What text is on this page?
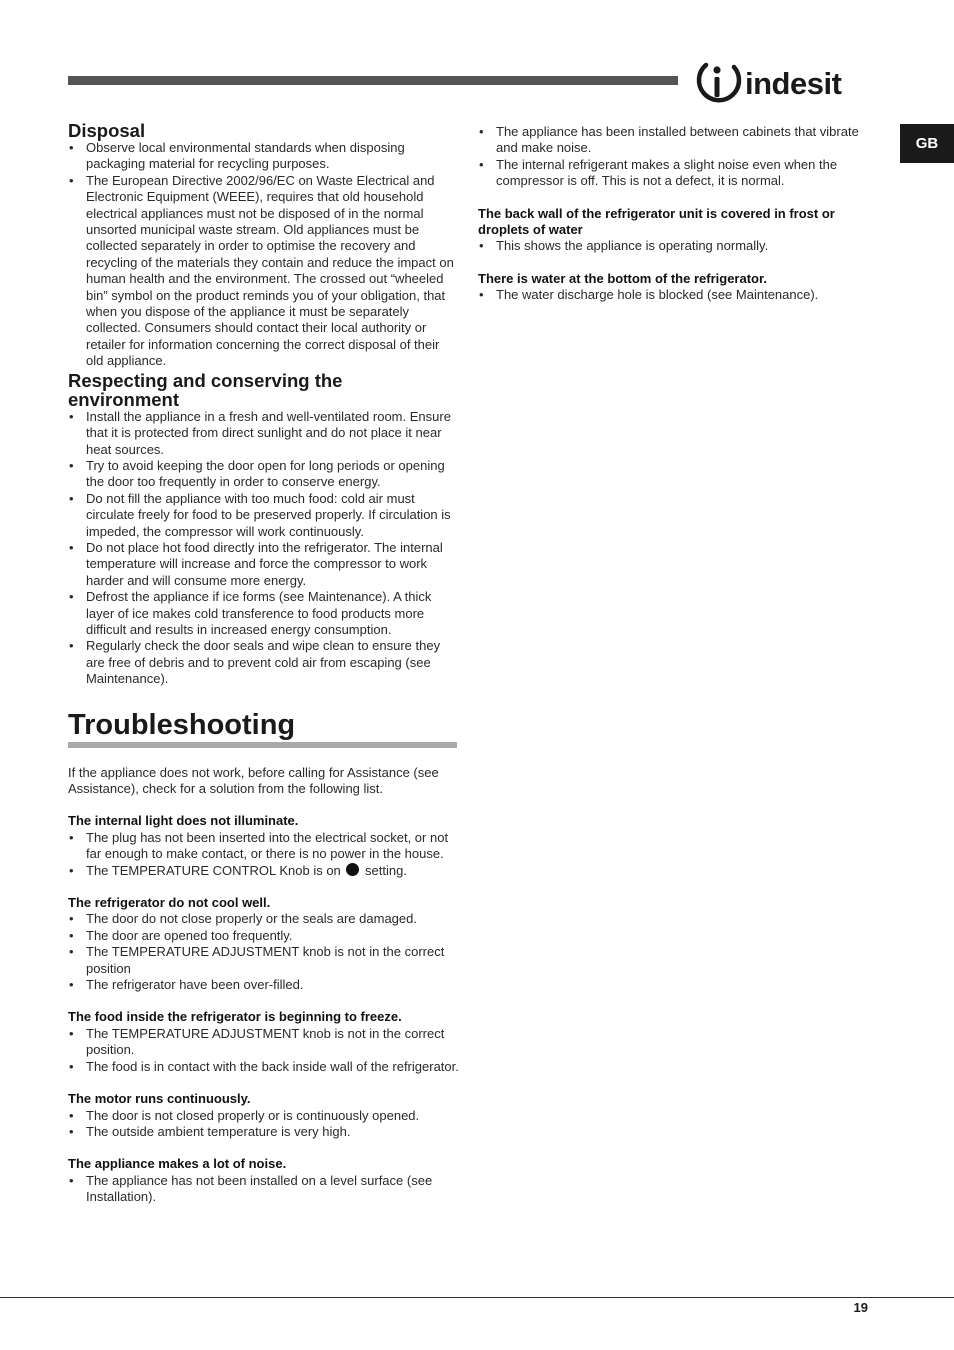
indesit
GB
Disposal
• Observe local environmental standards when disposing packaging material for recycling purposes.
• The European Directive 2002/96/EC on Waste Electrical and Electronic Equipment (WEEE), requires that old household electrical appliances must not be disposed of in the normal unsorted municipal waste stream. Old appliances must be collected separately in order to optimise the recovery and recycling of the materials they contain and reduce the impact on human health and the environment. The crossed out “wheeled bin” symbol on the product reminds you of your obligation, that when you dispose of the appliance it must be separately collected. Consumers should contact their local authority or retailer for information concerning the correct disposal of their old appliance.
Respecting and conserving the environment
• Install the appliance in a fresh and well-ventilated room. Ensure that it is protected from direct sunlight and do not place it near heat sources.
• Try to avoid keeping the door open for long periods or opening the door too frequently in order to conserve energy.
• Do not fill the appliance with too much food: cold air must circulate freely for food to be preserved properly. If circulation is impeded, the compressor will work continuously.
• Do not place hot food directly into the refrigerator. The internal temperature will increase and force the compressor to work harder and will consume more energy.
• Defrost the appliance if ice forms (see Maintenance). A thick layer of ice makes cold transference to food products more difficult and results in increased energy consumption.
• Regularly check the door seals and wipe clean to ensure they are free of debris and to prevent cold air from escaping (see Maintenance).
Troubleshooting

If the appliance does not work, before calling for Assistance (see Assistance), check for a solution from the following list.

The internal light does not illuminate.

• The plug has not been inserted into the electrical socket, or not far enough to make contact, or there is no power in the house.
• The TEMPERATURE CONTROL Knob is on  setting.

The refrigerator do not cool well.

• The door do not close properly or the seals are damaged.
• The door are opened too frequently.
• The TEMPERATURE ADJUSTMENT knob is not in the correct position
• The refrigerator have been over-filled.

The food inside the refrigerator is beginning to freeze.

• The TEMPERATURE ADJUSTMENT knob is not in the correct position.
• The food is in contact with the back inside wall of the refrigerator.

The motor runs continuously.

• The door is not closed properly or is continuously opened.
• The outside ambient temperature is very high.

The appliance makes a lot of noise.

• The appliance has not been installed on a level surface (see Installation).
• The appliance has been installed between cabinets that vibrate and make noise.
• The internal refrigerant makes a slight noise even when the compressor is off. This is not a defect, it is normal.

The back wall of the refrigerator unit is covered in frost or droplets of water

• This shows the appliance is operating normally.

There is water at the bottom of the refrigerator.

• The water discharge hole is blocked (see Maintenance).
19
